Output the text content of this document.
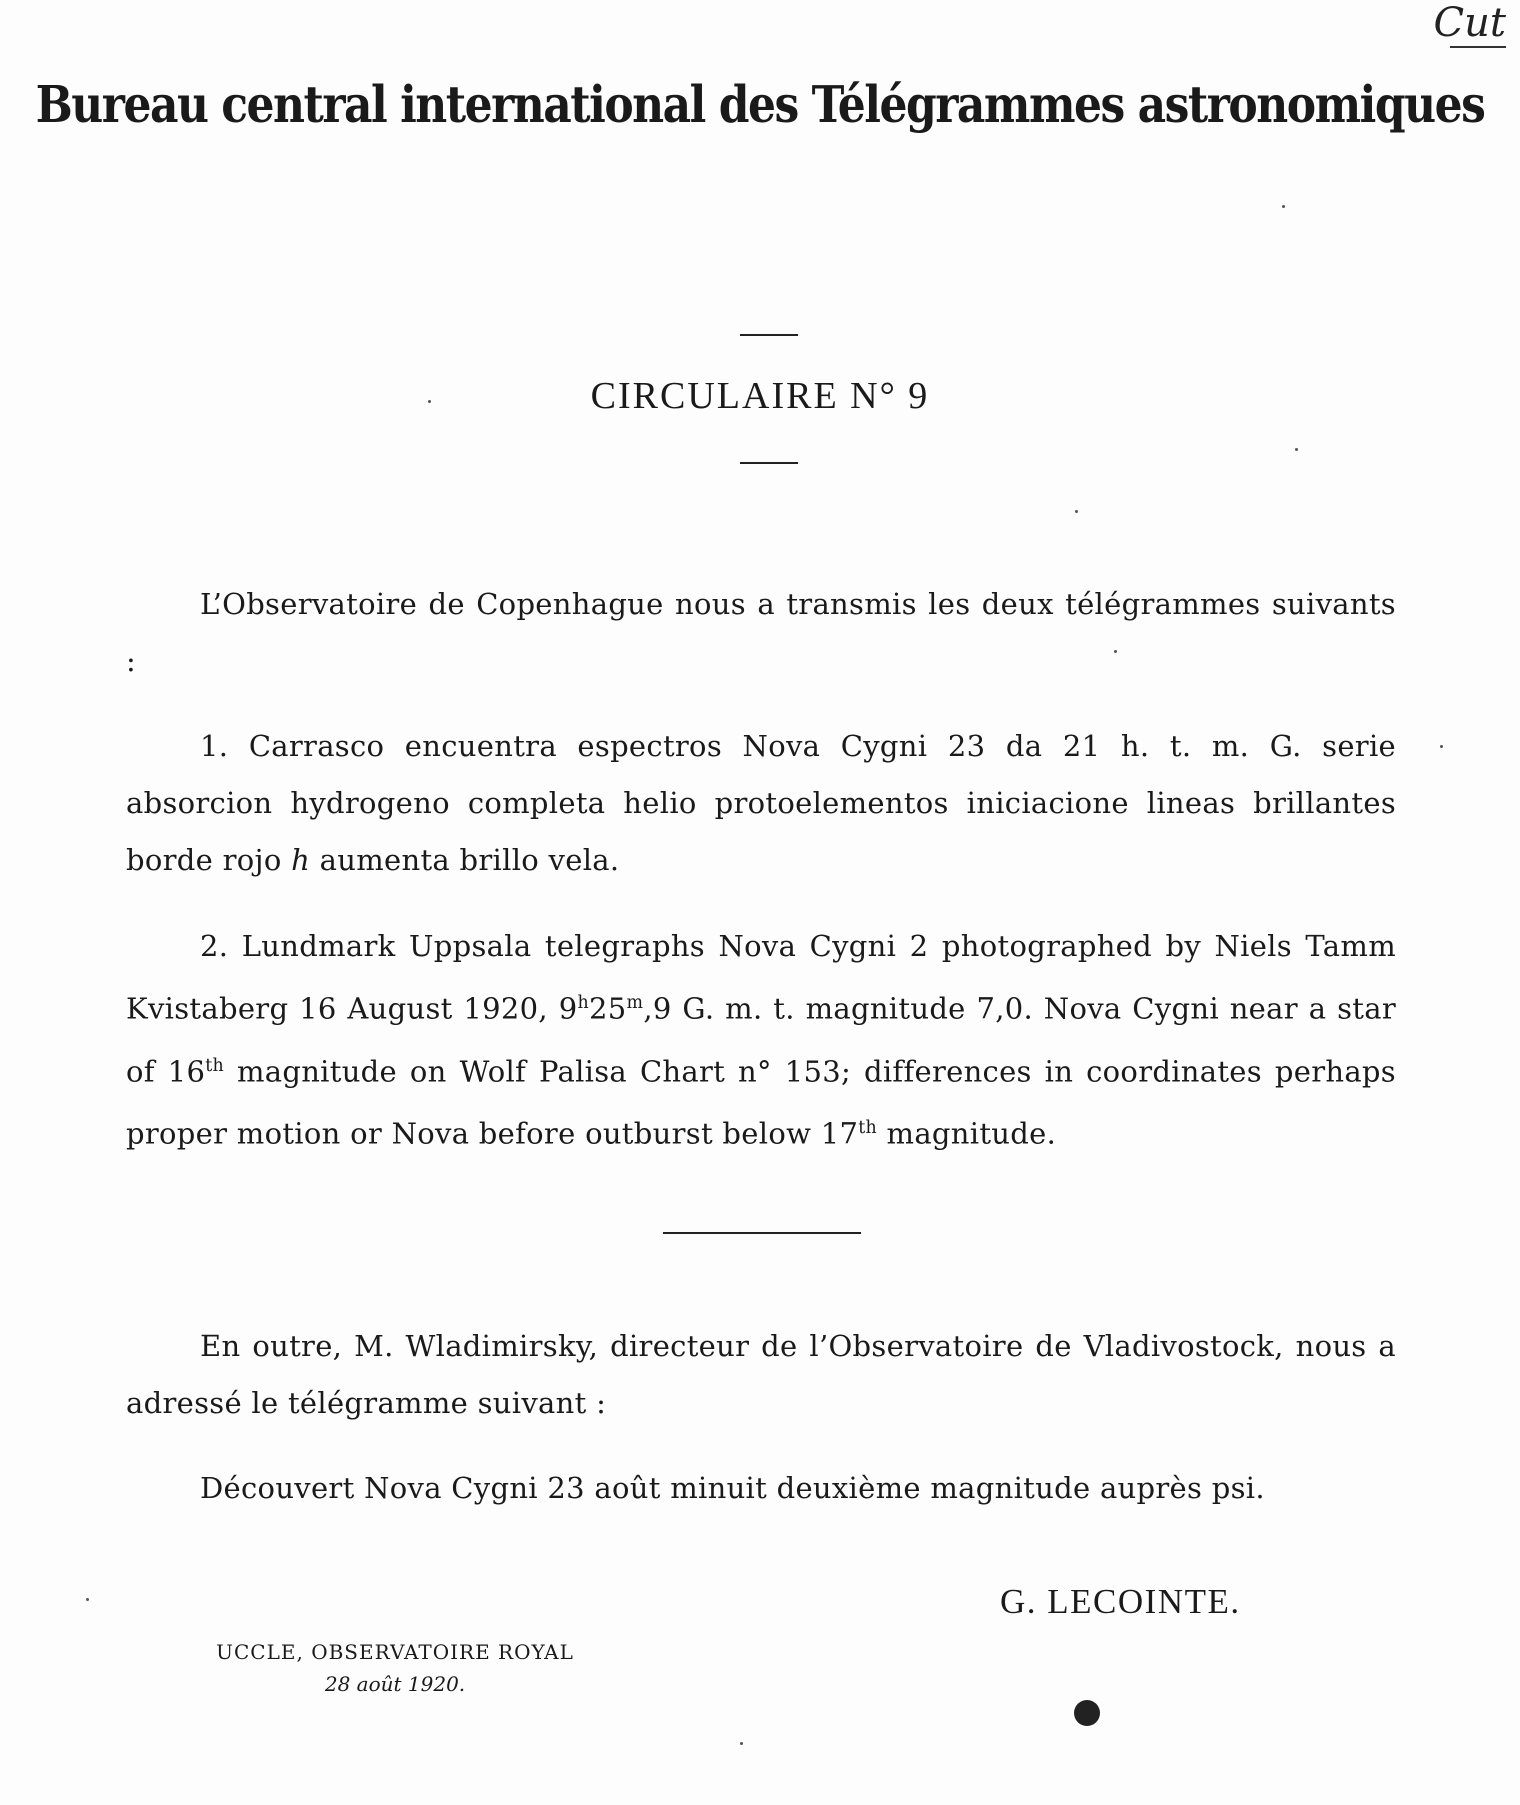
Cut
Bureau central international des Télégrammes astronomiques
CIRCULAIRE N° 9
L’Observatoire de Copenhague nous a transmis les deux télégrammes suivants :
1. Carrasco encuentra espectros Nova Cygni 23 da 21 h. t. m. G. serie absorcion hydrogeno completa helio protoelementos iniciacione lineas brillantes borde rojo h aumenta brillo vela.
2. Lundmark Uppsala telegraphs Nova Cygni 2 photographed by Niels Tamm Kvistaberg 16 August 1920, 9$^h$25$^m$,9 G. m. t. magnitude 7,0. Nova Cygni near a star of 16th magnitude on Wolf Palisa Chart n° 153; differences in coordinates perhaps proper motion or Nova before outburst below 17th magnitude.
En outre, M. Wladimirsky, directeur de l’Observatoire de Vladivostock, nous a adressé le télégramme suivant :
Découvert Nova Cygni 23 août minuit deuxième magnitude auprès psi.
G. LECOINTE.
UCCLE, OBSERVATOIRE ROYAL
28 août 1920.
